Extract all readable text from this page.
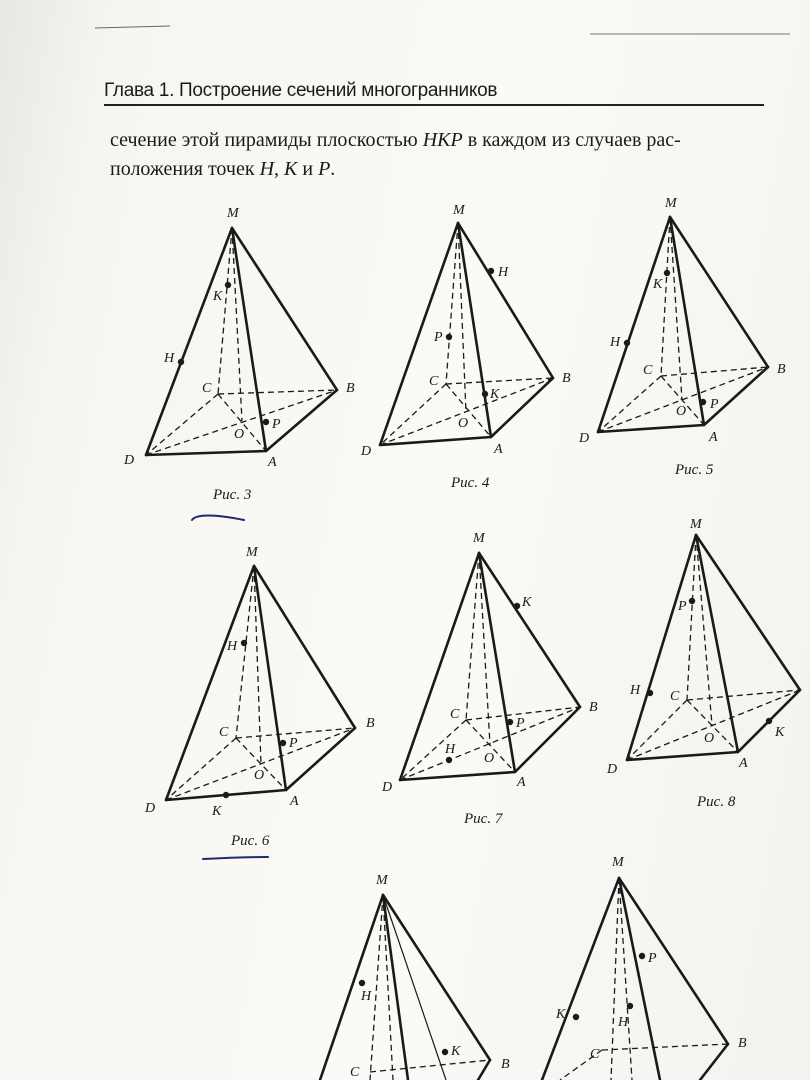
Глава 1. Построение сечений многогранников
сечение этой пирамиды плоскостью HKP в каждом из случаев рас-
положения точек H, K и P.
M
K
H
C	B
O
P
D	A
Рис. 3
M
H
P
C	B
K
O
D	A
Рис. 4
M
K
H
C	B
O P
D	A
Рис. 5
M
H
C
B
P
O
D	K
A
Рис. 6
M
K
C	B
P
H
O
D	A
Рис. 7
M
P
H C
O	K
D	A
Рис. 8
M
H
K
C
B
M
P
K
H
C
B
